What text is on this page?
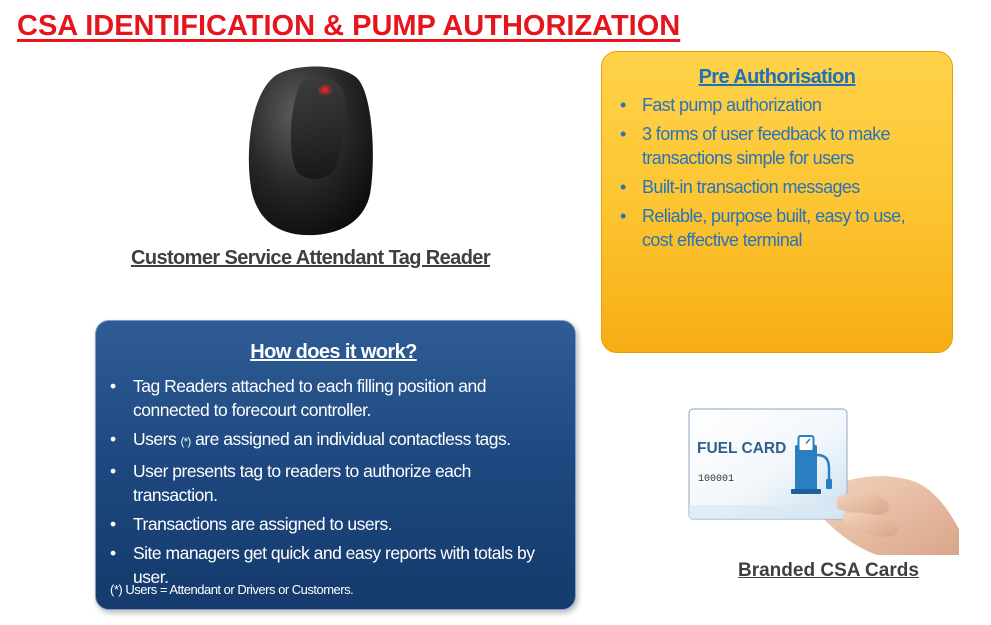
CSA IDENTIFICATION & PUMP AUTHORIZATION
Customer Service Attendant Tag Reader
Pre Authorisation
• Fast pump authorization
• 3 forms of user feedback to make transactions simple for users
• Built-in transaction messages
• Reliable, purpose built, easy to use, cost effective terminal
How does it work?
• Tag Readers attached to each filling position and connected to forecourt controller.
• Users (*) are assigned an individual contactless tags.
• User presents tag to readers to authorize each transaction.
• Transactions are assigned to users.
• Site managers get quick and easy reports with totals by user.
(*) Users = Attendant or Drivers or Customers.
FUEL CARD
100001
Branded CSA Cards
